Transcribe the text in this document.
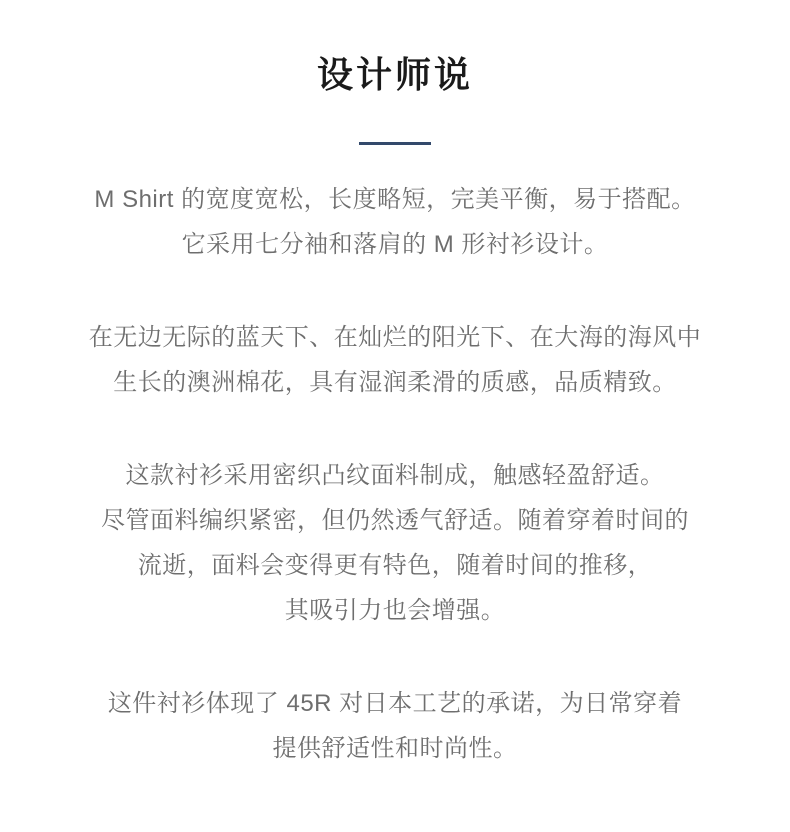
设计师说

M Shirt 的宽度宽松，长度略短，完美平衡，易于搭配。
它采用七分袖和落肩的 M 形衬衫设计。

在无边无际的蓝天下、在灿烂的阳光下、在大海的海风中
生长的澳洲棉花，具有湿润柔滑的质感，品质精致。

这款衬衫采用密织凸纹面料制成，触感轻盈舒适。
尽管面料编织紧密，但仍然透气舒适。随着穿着时间的
流逝，面料会变得更有特色，随着时间的推移，
其吸引力也会增强。

这件衬衫体现了 45R 对日本工艺的承诺，为日常穿着
提供舒适性和时尚性。
